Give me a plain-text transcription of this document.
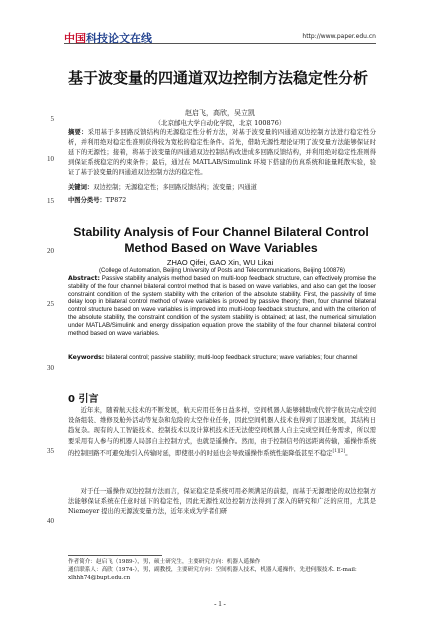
中国科技论文在线	http://www.paper.edu.cn
5
10
15
20
25
30
35
40
基于波变量的四通道双边控制方法稳定性分析
赵启飞，高欣，吴立凯
（北京邮电大学自动化学院，北京 100876）
摘要：采用基于多回路反馈结构的无源稳定性分析方法，对基于波变量的四通道双边控制方法进行稳定性分析，并利用绝对稳定性准则获得较为宽松的稳定性条件。首先，借助无源性理论证明了波变量方法能够保证时延下的无源性；接着，将基于波变量的四通道双边控制结构改进成多回路反馈结构，并利用绝对稳定性准则得到保证系统稳定的约束条件；最后，通过在 MATLAB/Simulink 环境下搭建的仿真系统和能量耗散实验，验证了基于波变量的四通道双边控制方法的稳定性。
关键词：双边控制；无源稳定性；多回路反馈结构；波变量；四通道
中图分类号：TP872
Stability Analysis of Four Channel Bilateral Control Method Based on Wave Variables
ZHAO Qifei, GAO Xin, WU Likai
(College of Automation, Beijing University of Posts and Telecommunications, Beijing 100876)
Abstract: Passive stability analysis method based on multi-loop feedback structure, can effectively promise the stability of the four channel bilateral control method that is based on wave variables, and also can get the looser constraint condition of the system stability with the criterion of the absolute stability. First, the passivity of time delay loop in bilateral control method of wave variables is proved by passive theory; then, four channel bilateral control structure based on wave variables is improved into multi-loop feedback structure, and with the criterion of the absolute stability, the constraint condition of the system stability is obtained; at last, the numerical simulation under MATLAB/Simulink and energy dissipation equation prove the stability of the four channel bilateral control method based on wave variables.
Keywords: bilateral control; passive stability; multi-loop feedback structure; wave variables; four channel
0 引言
近年来，随着航天技术的不断发展，航天应用任务日益多样，空间机器人能够辅助或代替宇航员完成空间设备组装、维修及舱外活动等复杂和危险的太空作业任务，因此空间机器人技术也得到了迅速发展，其结构日趋复杂。现有的人工智能技术、控制技术以及计算机技术还无法使空间机器人自主完成空间任务需求，所以需要采用有人参与的机器人局部自主控制方式，也就是遥操作。然而，由于控制信号的远距离传输，遥操作系统的控制回路不可避免地引入传输时延，即使很小的时延也会导致遥操作系统性能降低甚至不稳定[1][2]。
对于任一遥操作双边控制方法而言，保证稳定是系统可用必须满足的前提，而基于无源理论的双边控制方法能够保证系统在任意时延下的稳定性，因此无源性双边控制方法得到了深入的研究和广泛的应用，尤其是 Niemeyer 提出的无源波变量方法，近年来成为学者们研
作者简介：赵启飞（1989-），男，硕士研究生，主要研究方向：机器人遥操作
通信联系人：高欣（1974-），男，副教授，主要研究方向：空间机器人技术，机器人遥操作，先进伺服技术. E-mail: xlhhh74@bupt.edu.cn
- 1 -
